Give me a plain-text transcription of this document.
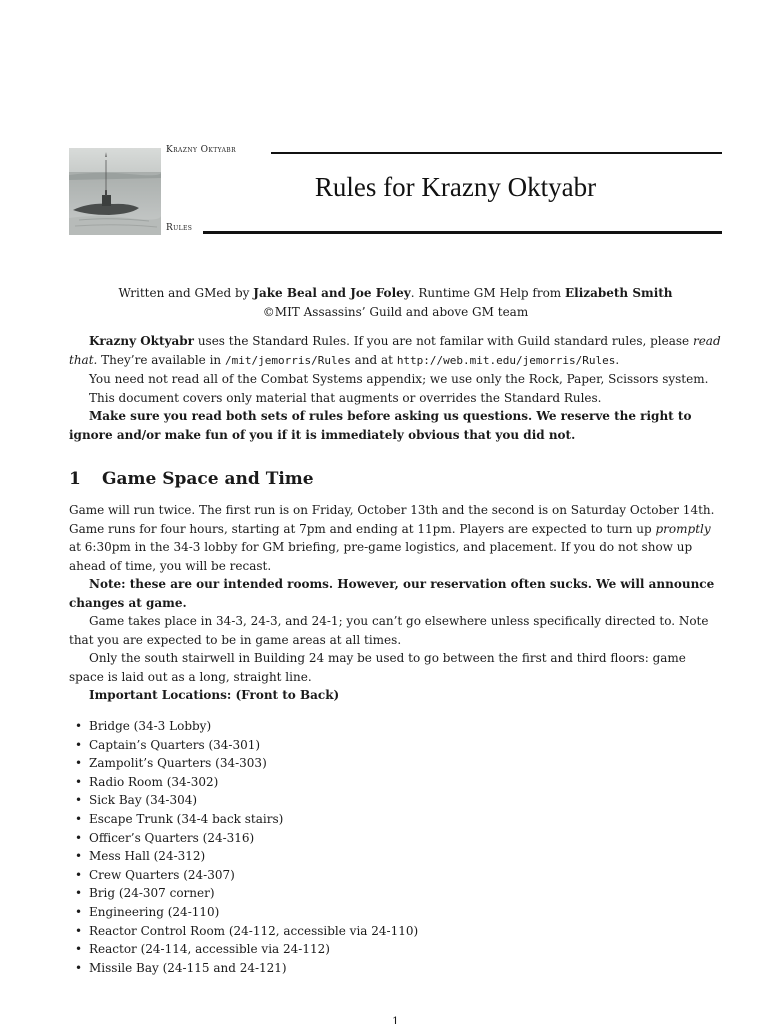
Krazny Oktyabr
Rules for Krazny Oktyabr
Rules
Written and GMed by Jake Beal and Joe Foley. Runtime GM Help from Elizabeth Smith
©MIT Assassins’ Guild and above GM team
Krazny Oktyabr uses the Standard Rules. If you are not familar with Guild standard rules, please read that. They’re available in /mit/jemorris/Rules and at http://web.mit.edu/jemorris/Rules.
You need not read all of the Combat Systems appendix; we use only the Rock, Paper, Scissors system.
This document covers only material that augments or overrides the Standard Rules.
Make sure you read both sets of rules before asking us questions. We reserve the right to ignore and/or make fun of you if it is immediately obvious that you did not.
1 Game Space and Time
Game will run twice. The first run is on Friday, October 13th and the second is on Saturday October 14th. Game runs for four hours, starting at 7pm and ending at 11pm. Players are expected to turn up promptly at 6:30pm in the 34-3 lobby for GM briefing, pre-game logistics, and placement. If you do not show up ahead of time, you will be recast.
Note: these are our intended rooms. However, our reservation often sucks. We will announce changes at game.
Game takes place in 34-3, 24-3, and 24-1; you can’t go elsewhere unless specifically directed to. Note that you are expected to be in game areas at all times.
Only the south stairwell in Building 24 may be used to go between the first and third floors: game space is laid out as a long, straight line.
Important Locations: (Front to Back)
• Bridge (34-3 Lobby)
• Captain’s Quarters (34-301)
• Zampolit’s Quarters (34-303)
• Radio Room (34-302)
• Sick Bay (34-304)
• Escape Trunk (34-4 back stairs)
• Officer’s Quarters (24-316)
• Mess Hall (24-312)
• Crew Quarters (24-307)
• Brig (24-307 corner)
• Engineering (24-110)
• Reactor Control Room (24-112, accessible via 24-110)
• Reactor (24-114, accessible via 24-112)
• Missile Bay (24-115 and 24-121)
1
